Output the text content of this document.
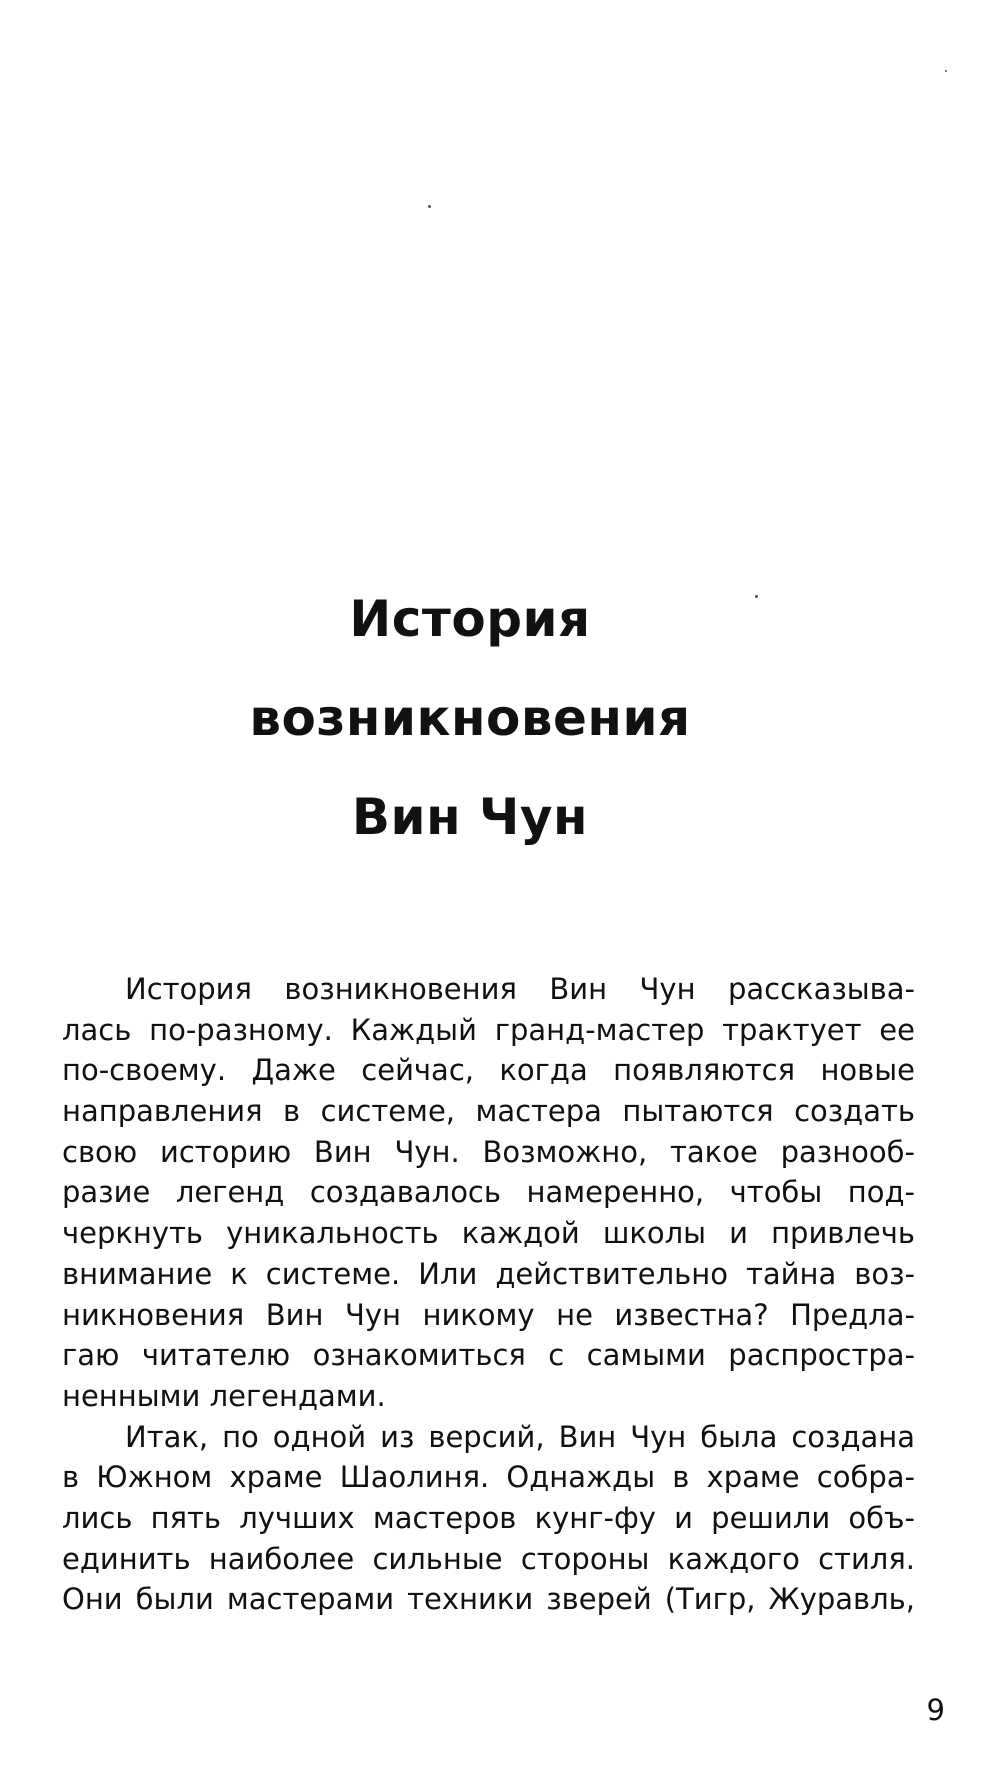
История
возникновения
Вин Чун
История возникновения Вин Чун рассказыва-
лась по-разному. Каждый гранд-мастер трактует ее
по-своему. Даже сейчас, когда появляются новые
направления в системе, мастера пытаются создать
свою историю Вин Чун. Возможно, такое разнооб-
разие легенд создавалось намеренно, чтобы под-
черкнуть уникальность каждой школы и привлечь
внимание к системе. Или действительно тайна воз-
никновения Вин Чун никому не известна? Предла-
гаю читателю ознакомиться с самыми распростра-
ненными легендами.
Итак, по одной из версий, Вин Чун была создана
в Южном храме Шаолиня. Однажды в храме собра-
лись пять лучших мастеров кунг-фу и решили объ-
единить наиболее сильные стороны каждого стиля.
Они были мастерами техники зверей (Тигр, Журавль,
9
